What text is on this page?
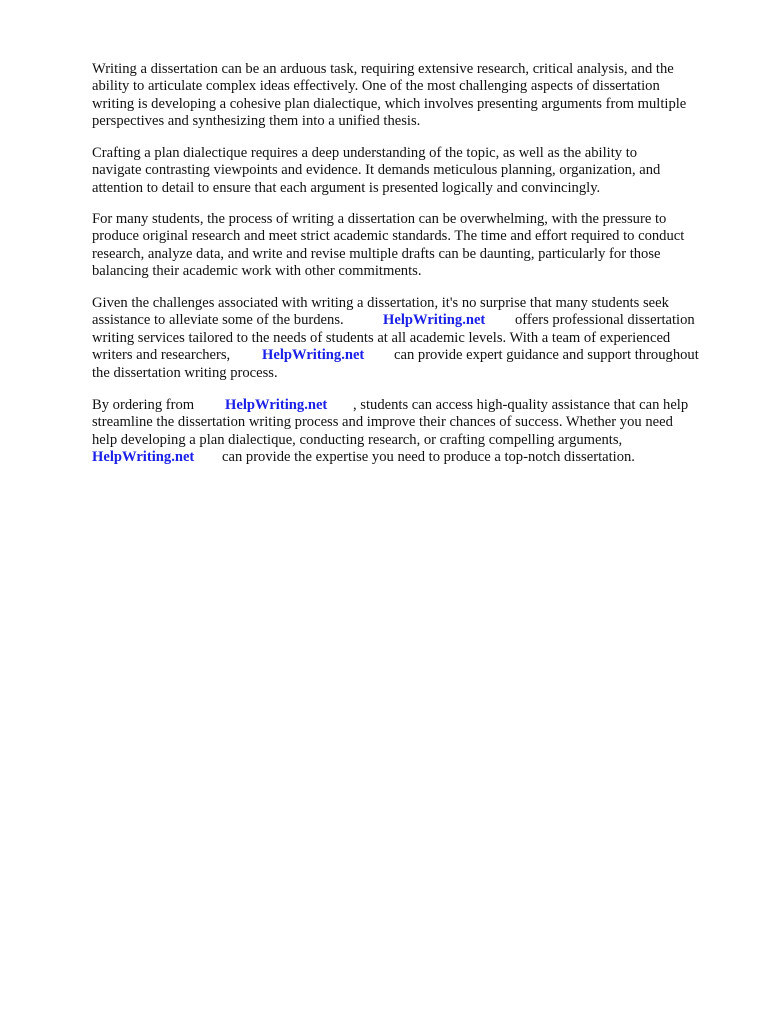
Writing a dissertation can be an arduous task, requiring extensive research, critical analysis, and the
ability to articulate complex ideas effectively. One of the most challenging aspects of dissertation
writing is developing a cohesive plan dialectique, which involves presenting arguments from multiple
perspectives and synthesizing them into a unified thesis.
Crafting a plan dialectique requires a deep understanding of the topic, as well as the ability to
navigate contrasting viewpoints and evidence. It demands meticulous planning, organization, and
attention to detail to ensure that each argument is presented logically and convincingly.
For many students, the process of writing a dissertation can be overwhelming, with the pressure to
produce original research and meet strict academic standards. The time and effort required to conduct
research, analyze data, and write and revise multiple drafts can be daunting, particularly for those
balancing their academic work with other commitments.
Given the challenges associated with writing a dissertation, it's no surprise that many students seek
assistance to alleviate some of the burdens.	HelpWriting.net offers professional dissertation
writing services tailored to the needs of students at all academic levels. With a team of experienced
writers and researchers, HelpWriting.net can provide expert guidance and support throughout
the dissertation writing process.
By ordering from HelpWriting.net , students can access high-quality assistance that can help
streamline the dissertation writing process and improve their chances of success. Whether you need
help developing a plan dialectique, conducting research, or crafting compelling arguments,
HelpWriting.net can provide the expertise you need to produce a top-notch dissertation.
